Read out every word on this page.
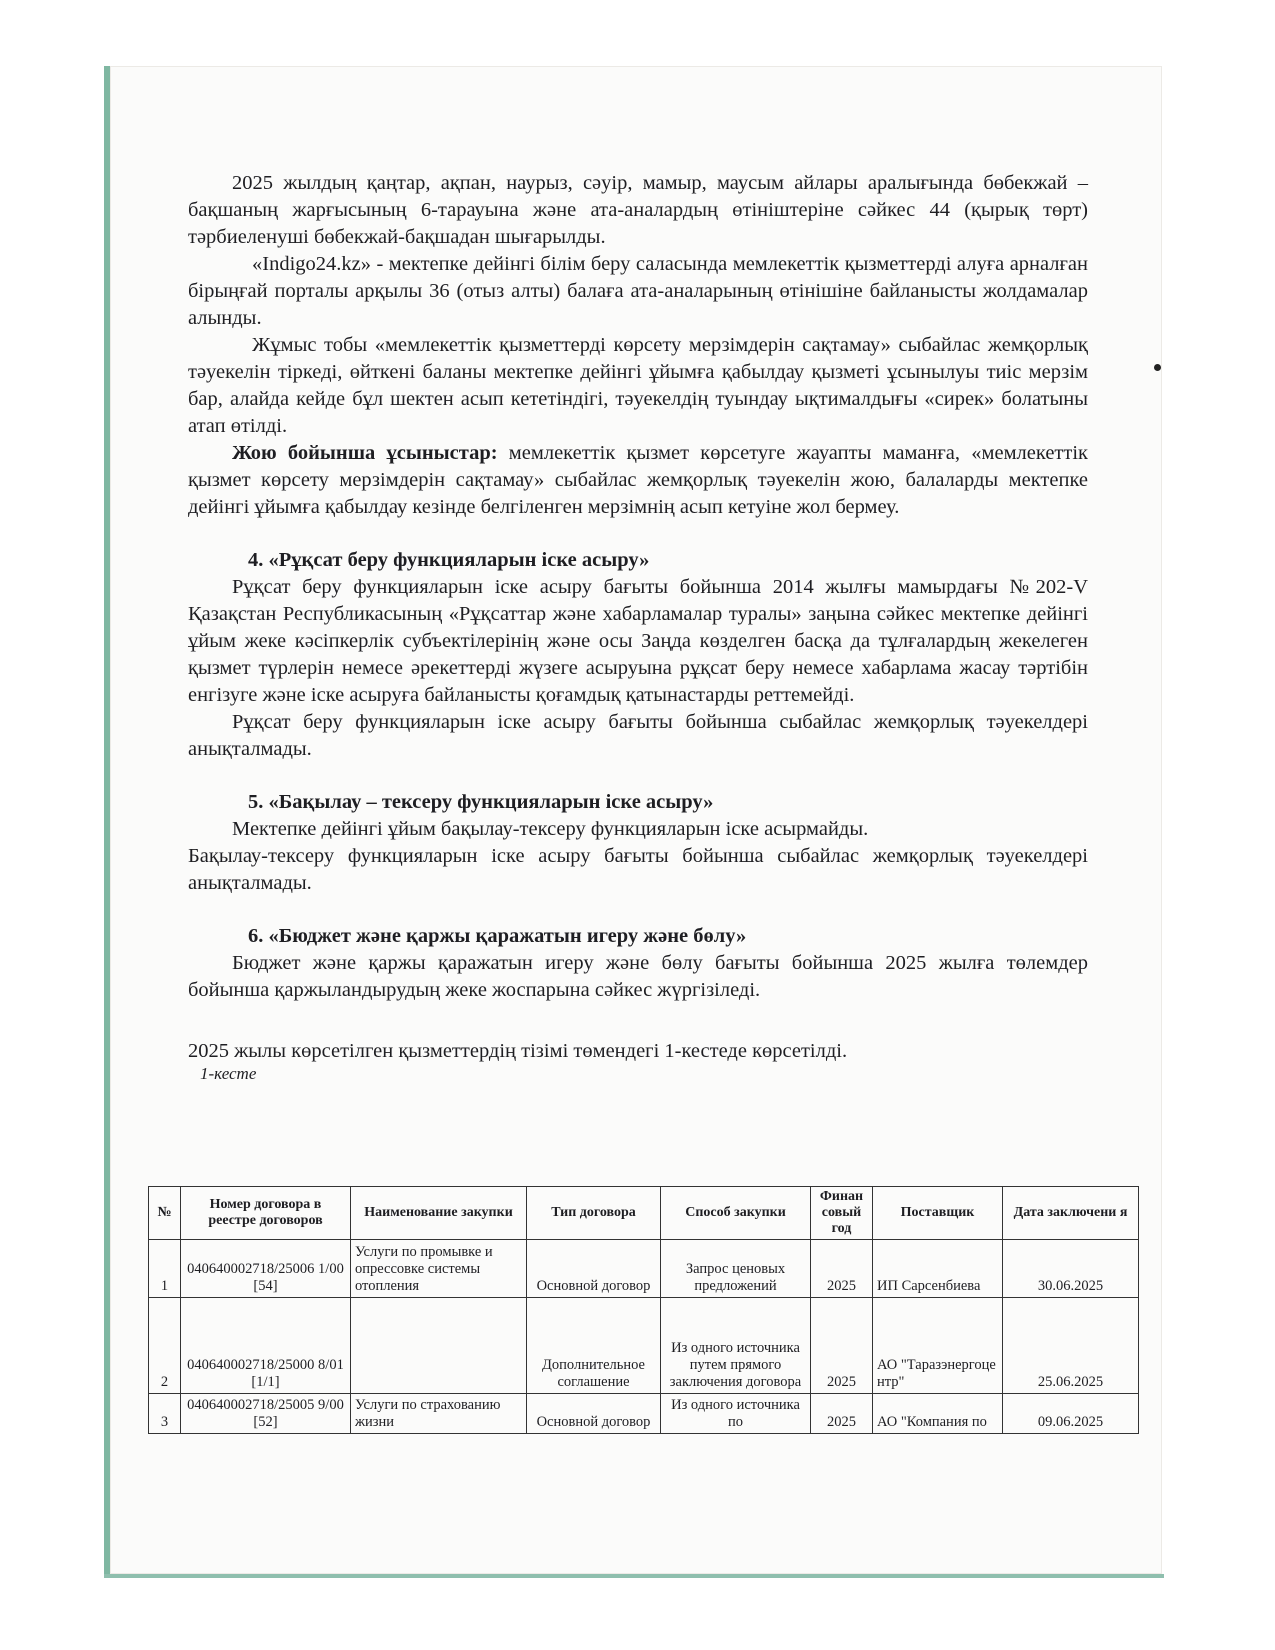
2025 жылдың қаңтар, ақпан, наурыз, сәуір, мамыр, маусым айлары аралығында бөбекжай – бақшаның жарғысының 6-тарауына және ата-аналардың өтініштеріне сәйкес 44 (қырық төрт) тәрбиеленуші бөбекжай-бақшадан шығарылды.

«Indigo24.kz» - мектепке дейінгі білім беру саласында мемлекеттік қызметтерді алуға арналған бірыңғай порталы арқылы 36 (отыз алты) балаға ата-аналарының өтінішіне байланысты жолдамалар алынды.

Жұмыс тобы «мемлекеттік қызметтерді көрсету мерзімдерін сақтамау» сыбайлас жемқорлық тәуекелін тіркеді, өйткені баланы мектепке дейінгі ұйымға қабылдау қызметі ұсынылуы тиіс мерзім бар, алайда кейде бұл шектен асып кететіндігі, тәуекелдің туындау ықтималдығы «сирек» болатыны атап өтілді.

Жою бойынша ұсыныстар: мемлекеттік қызмет көрсетуге жауапты маманға, «мемлекеттік қызмет көрсету мерзімдерін сақтамау» сыбайлас жемқорлық тәуекелін жою, балаларды мектепке дейінгі ұйымға қабылдау кезінде белгіленген мерзімнің асып кетуіне жол бермеу.

4. «Рұқсат беру функцияларын іске асыру»

Рұқсат беру функцияларын іске асыру бағыты бойынша 2014 жылғы мамырдағы №202-V Қазақстан Республикасының «Рұқсаттар және хабарламалар туралы» заңына сәйкес мектепке дейінгі ұйым жеке кәсіпкерлік субъектілерінің және осы Заңда көзделген басқа да тұлғалардың жекелеген қызмет түрлерін немесе әрекеттерді жүзеге асыруына рұқсат беру немесе хабарлама жасау тәртібін енгізуге және іске асыруға байланысты қоғамдық қатынастарды реттемейді.

Рұқсат беру функцияларын іске асыру бағыты бойынша сыбайлас жемқорлық тәуекелдері анықталмады.

5. «Бақылау – тексеру функцияларын іске асыру»

Мектепке дейінгі ұйым бақылау-тексеру функцияларын іске асырмайды.

Бақылау-тексеру функцияларын іске асыру бағыты бойынша сыбайлас жемқорлық тәуекелдері анықталмады.

6. «Бюджет және қаржы қаражатын игеру және бөлу»

Бюджет және қаржы қаражатын игеру және бөлу бағыты бойынша 2025 жылға төлемдер бойынша қаржыландырудың жеке жоспарына сәйкес жүргізіледі.

2025 жылы көрсетілген қызметтердің тізімі төмендегі 1-кестеде көрсетілді.

1-кесте

№	Номер договора в реестре договоров	Наименование закупки	Тип договора	Способ закупки	Финан совый год	Поставщик	Дата заключени я
1	040640002718/25006 1/00 [54]	Услуги по промывке и опрессовке системы отопления	Основной договор	Запрос ценовых предложений	2025	ИП Сарсенбиева	30.06.2025
2	040640002718/25000 8/01 [1/1]		Дополнительное соглашение	Из одного источника путем прямого заключения договора	2025	АО "Таразэнергоце нтр"	25.06.2025
3	040640002718/25005 9/00 [52]	Услуги по страхованию жизни	Основной договор	Из одного источника по	2025	АО "Компания по	09.06.2025
